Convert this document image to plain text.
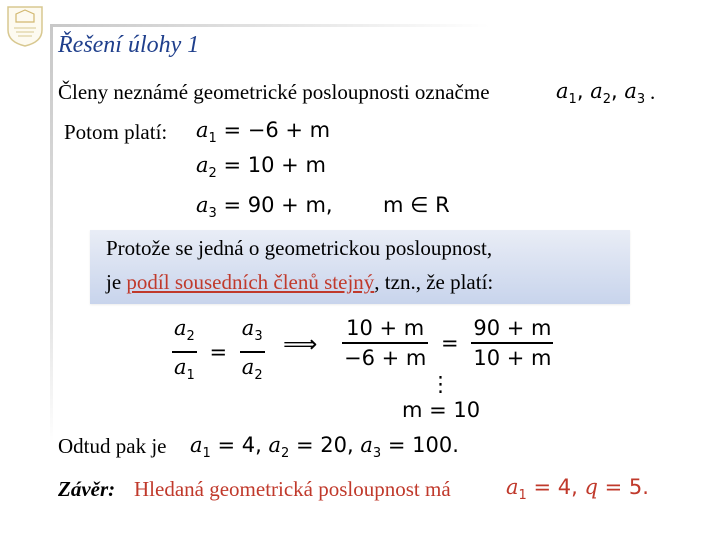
Řešení úlohy 1
Členy neznámé geometrické posloupnosti označme	$a_1$, $a_2$, $a_3$ .
Potom platí: $a_1 = -6 + m$
$a_2 = 10 + m$
$a_3 = 90 + m$, m ∈ R
Protože se jedná o geometrickou posloupnost,
je podíl sousedních členů stejný, tzn., že platí:
$\frac{a_2}{a_1} = \frac{a_3}{a_2}$ ⟹ $\frac{10 + m}{-6 + m} = \frac{90 + m}{10 + m}$
⋮
m = 10
Odtud pak je $a_1 = 4$, $a_2 = 20$, $a_3 = 100$.
Závěr: Hledaná geometrická posloupnost má	$a_1 = 4$, q = 5.
